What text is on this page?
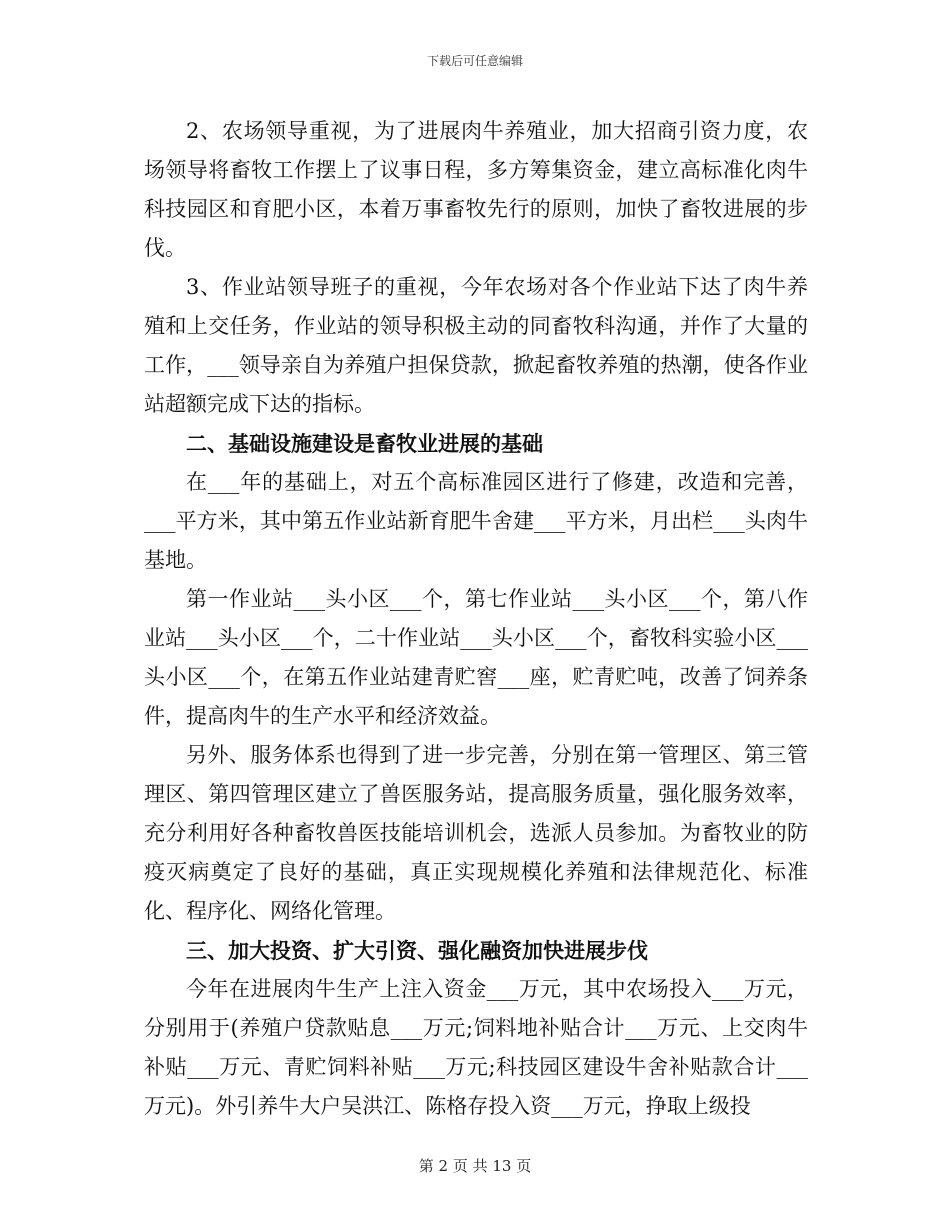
下载后可任意编辑

2、农场领导重视，为了进展肉牛养殖业，加大招商引资力度，农场领导将畜牧工作摆上了议事日程，多方筹集资金，建立高标准化肉牛科技园区和育肥小区，本着万事畜牧先行的原则，加快了畜牧进展的步伐。

3、作业站领导班子的重视，今年农场对各个作业站下达了肉牛养殖和上交任务，作业站的领导积极主动的同畜牧科沟通，并作了大量的工作，___领导亲自为养殖户担保贷款，掀起畜牧养殖的热潮，使各作业站超额完成下达的指标。

二、基础设施建设是畜牧业进展的基础

在___年的基础上，对五个高标准园区进行了修建，改造和完善，___平方米，其中第五作业站新育肥牛舍建___平方米，月出栏___头肉牛基地。

第一作业站___头小区___个，第七作业站___头小区___个，第八作业站___头小区___个，二十作业站___头小区___个，畜牧科实验小区___头小区___个，在第五作业站建青贮窖___座，贮青贮吨，改善了饲养条件，提高肉牛的生产水平和经济效益。

另外、服务体系也得到了进一步完善，分别在第一管理区、第三管理区、第四管理区建立了兽医服务站，提高服务质量，强化服务效率，充分利用好各种畜牧兽医技能培训机会，选派人员参加。为畜牧业的防疫灭病奠定了良好的基础，真正实现规模化养殖和法律规范化、标准化、程序化、网络化管理。

三、加大投资、扩大引资、强化融资加快进展步伐

今年在进展肉牛生产上注入资金___万元，其中农场投入___万元，分别用于(养殖户贷款贴息___万元;饲料地补贴合计___万元、上交肉牛补贴___万元、青贮饲料补贴___万元;科技园区建设牛舍补贴款合计___万元)。外引养牛大户吴洪江、陈格存投入资___万元，挣取上级投

第 2 页 共 13 页
